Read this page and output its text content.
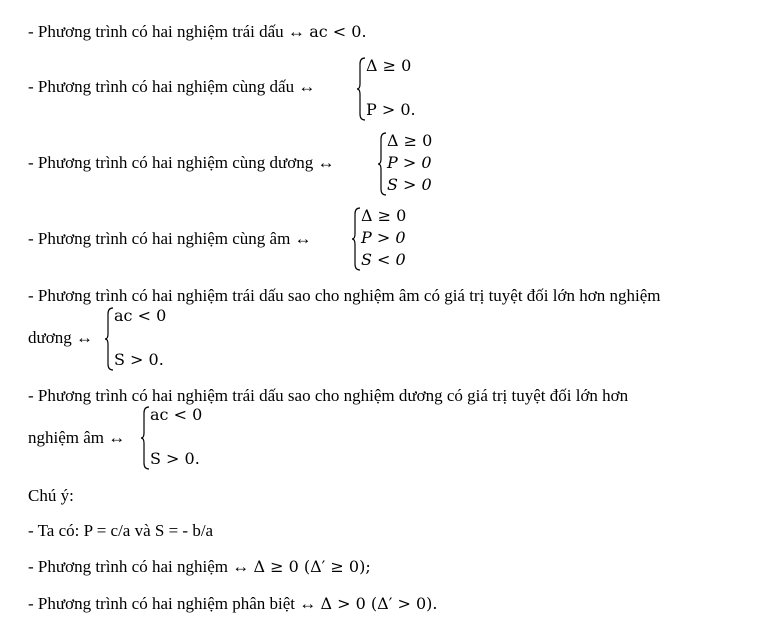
- Phương trình có hai nghiệm trái dấu ↔ ac < 0.
- Phương trình có hai nghiệm cùng dấu ↔
Δ ≥ 0
P > 0.
- Phương trình có hai nghiệm cùng dương ↔
Δ ≥ 0
P > 0
S > 0
- Phương trình có hai nghiệm cùng âm ↔
Δ ≥ 0
P > 0
S < 0
- Phương trình có hai nghiệm trái dấu sao cho nghiệm âm có giá trị tuyệt đối lớn hơn nghiệm
dương ↔
ac < 0
S > 0.
- Phương trình có hai nghiệm trái dấu sao cho nghiệm dương có giá trị tuyệt đối lớn hơn
nghiệm âm ↔
ac < 0
S > 0.
Chú ý:
- Ta có: P = c/a và S = - b/a
- Phương trình có hai nghiệm ↔ Δ ≥ 0 (Δ′ ≥ 0);
- Phương trình có hai nghiệm phân biệt ↔ Δ > 0 (Δ′ > 0).
